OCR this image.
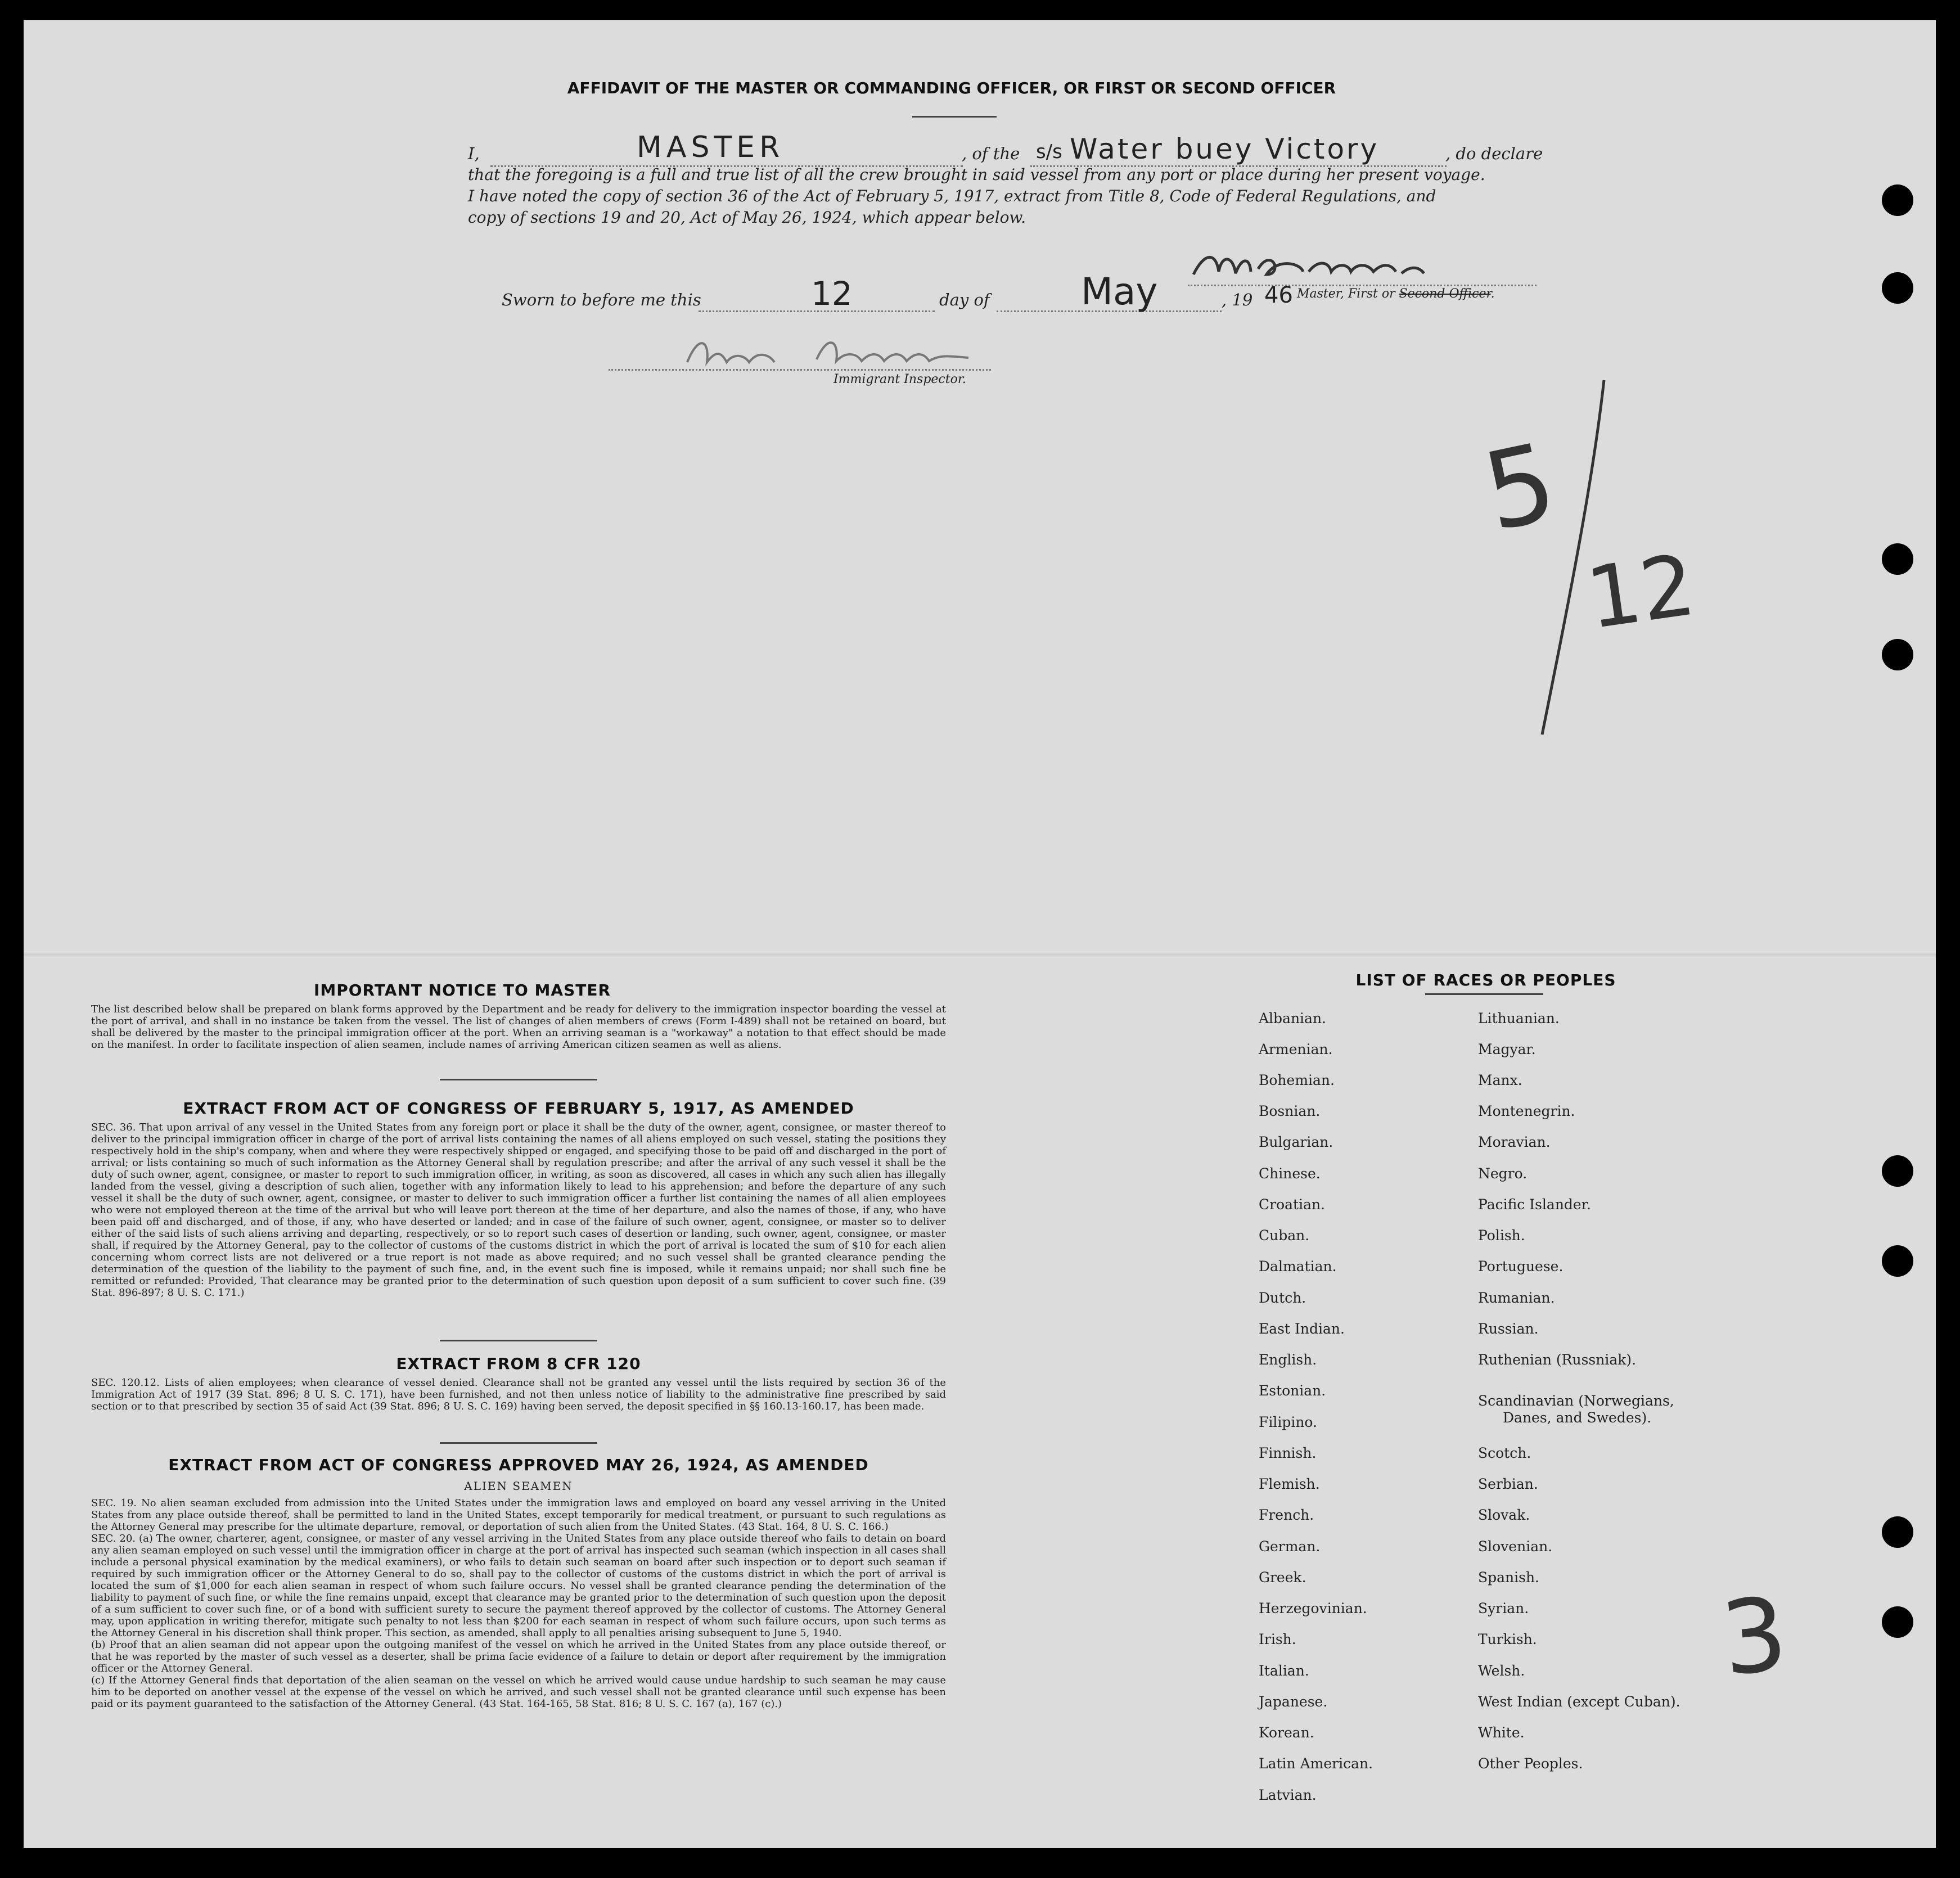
AFFIDAVIT OF THE MASTER OR COMMANDING OFFICER, OR FIRST OR SECOND OFFICER
I,	MASTER	, of the s/s Water buey Victory	, do declare
that the foregoing is a full and true list of all the crew brought in said vessel from any port or place during her present voyage.
I have noted the copy of section 36 of the Act of February 5, 1917, extract from Title 8, Code of Federal Regulations, and
copy of sections 19 and 20, Act of May 26, 1924, which appear below.
Master, First or Second Officer.
Sworn to before me this	12	day of May	, 19 46
Immigrant Inspector.
5
12
IMPORTANT NOTICE TO MASTER
The list described below shall be prepared on blank forms approved by the Department and be ready for delivery to the immigration inspector boarding the vessel at the port of arrival, and shall in no instance be taken from the vessel. The list of changes of alien members of crews (Form I-489) shall not be retained on board, but shall be delivered by the master to the principal immigration officer at the port. When an arriving seaman is a "workaway" a notation to that effect should be made on the manifest. In order to facilitate inspection of alien seamen, include names of arriving American citizen seamen as well as aliens.
EXTRACT FROM ACT OF CONGRESS OF FEBRUARY 5, 1917, AS AMENDED
SEC. 36. That upon arrival of any vessel in the United States from any foreign port or place it shall be the duty of the owner, agent, consignee, or master thereof to deliver to the principal immigration officer in charge of the port of arrival lists containing the names of all aliens employed on such vessel, stating the positions they respectively hold in the ship's company, when and where they were respectively shipped or engaged, and specifying those to be paid off and discharged in the port of arrival; or lists containing so much of such information as the Attorney General shall by regulation prescribe; and after the arrival of any such vessel it shall be the duty of such owner, agent, consignee, or master to report to such immigration officer, in writing, as soon as discovered, all cases in which any such alien has illegally landed from the vessel, giving a description of such alien, together with any information likely to lead to his apprehension; and before the departure of any such vessel it shall be the duty of such owner, agent, consignee, or master to deliver to such immigration officer a further list containing the names of all alien employees who were not employed thereon at the time of the arrival but who will leave port thereon at the time of her departure, and also the names of those, if any, who have been paid off and discharged, and of those, if any, who have deserted or landed; and in case of the failure of such owner, agent, consignee, or master so to deliver either of the said lists of such aliens arriving and departing, respectively, or so to report such cases of desertion or landing, such owner, agent, consignee, or master shall, if required by the Attorney General, pay to the collector of customs of the customs district in which the port of arrival is located the sum of $10 for each alien concerning whom correct lists are not delivered or a true report is not made as above required; and no such vessel shall be granted clearance pending the determination of the question of the liability to the payment of such fine, and, in the event such fine is imposed, while it remains unpaid; nor shall such fine be remitted or refunded: Provided, That clearance may be granted prior to the determination of such question upon deposit of a sum sufficient to cover such fine. (39 Stat. 896-897; 8 U. S. C. 171.)
EXTRACT FROM 8 CFR 120
SEC. 120.12. Lists of alien employees; when clearance of vessel denied. Clearance shall not be granted any vessel until the lists required by section 36 of the Immigration Act of 1917 (39 Stat. 896; 8 U. S. C. 171), have been furnished, and not then unless notice of liability to the administrative fine prescribed by said section or to that prescribed by section 35 of said Act (39 Stat. 896; 8 U. S. C. 169) having been served, the deposit specified in §§ 160.13-160.17, has been made.
EXTRACT FROM ACT OF CONGRESS APPROVED MAY 26, 1924, AS AMENDED
ALIEN SEAMEN
SEC. 19. No alien seaman excluded from admission into the United States under the immigration laws and employed on board any vessel arriving in the United States from any place outside thereof, shall be permitted to land in the United States, except temporarily for medical treatment, or pursuant to such regulations as the Attorney General may prescribe for the ultimate departure, removal, or deportation of such alien from the United States. (43 Stat. 164, 8 U. S. C. 166.)
SEC. 20. (a) The owner, charterer, agent, consignee, or master of any vessel arriving in the United States from any place outside thereof who fails to detain on board any alien seaman employed on such vessel until the immigration officer in charge at the port of arrival has inspected such seaman (which inspection in all cases shall include a personal physical examination by the medical examiners), or who fails to detain such seaman on board after such inspection or to deport such seaman if required by such immigration officer or the Attorney General to do so, shall pay to the collector of customs of the customs district in which the port of arrival is located the sum of $1,000 for each alien seaman in respect of whom such failure occurs. No vessel shall be granted clearance pending the determination of the liability to payment of such fine, or while the fine remains unpaid, except that clearance may be granted prior to the determination of such question upon the deposit of a sum sufficient to cover such fine, or of a bond with sufficient surety to secure the payment thereof approved by the collector of customs. The Attorney General may, upon application in writing therefor, mitigate such penalty to not less than $200 for each seaman in respect of whom such failure occurs, upon such terms as the Attorney General in his discretion shall think proper. This section, as amended, shall apply to all penalties arising subsequent to June 5, 1940.
(b) Proof that an alien seaman did not appear upon the outgoing manifest of the vessel on which he arrived in the United States from any place outside thereof, or that he was reported by the master of such vessel as a deserter, shall be prima facie evidence of a failure to detain or deport after requirement by the immigration officer or the Attorney General.
(c) If the Attorney General finds that deportation of the alien seaman on the vessel on which he arrived would cause undue hardship to such seaman he may cause him to be deported on another vessel at the expense of the vessel on which he arrived, and such vessel shall not be granted clearance until such expense has been paid or its payment guaranteed to the satisfaction of the Attorney General. (43 Stat. 164-165, 58 Stat. 816; 8 U. S. C. 167 (a), 167 (c).)
LIST OF RACES OR PEOPLES
Albanian.
Armenian.
Bohemian.
Bosnian.
Bulgarian.
Chinese.
Croatian.
Cuban.
Dalmatian.
Dutch.
East Indian.
English.
Estonian.
Filipino.
Finnish.
Flemish.
French.
German.
Greek.
Herzegovinian.
Irish.
Italian.
Japanese.
Korean.
Latin American.
Latvian.
Lithuanian.
Magyar.
Manx.
Montenegrin.
Moravian.
Negro.
Pacific Islander.
Polish.
Portuguese.
Rumanian.
Russian.
Ruthenian (Russniak).
Scandinavian (Norwegians,
Danes, and Swedes).
Scotch.
Serbian.
Slovak.
Slovenian.
Spanish.
Syrian.
Turkish.
Welsh.
West Indian (except Cuban).
White.
Other Peoples.
3
